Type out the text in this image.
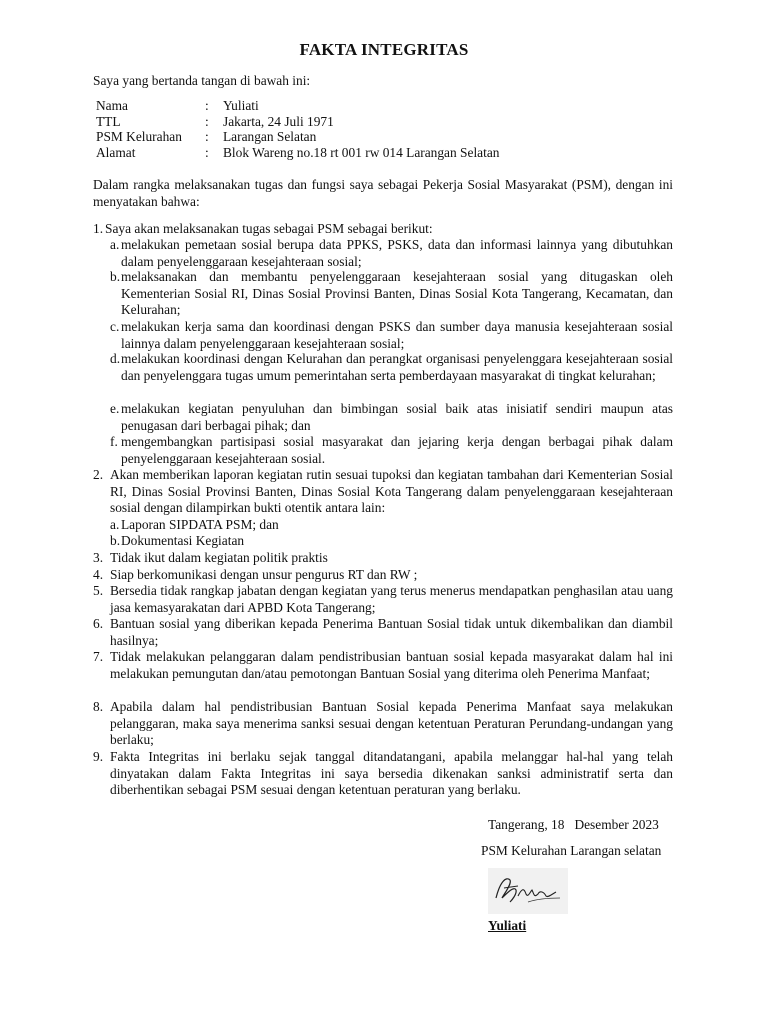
FAKTA INTEGRITAS
Saya yang bertanda tangan di bawah ini:
Nama	:	Yuliati
TTL	:	Jakarta, 24 Juli 1971
PSM Kelurahan	:	Larangan Selatan
Alamat	:	Blok Wareng no.18 rt 001 rw 014 Larangan Selatan
Dalam rangka melaksanakan tugas dan fungsi saya sebagai Pekerja Sosial Masyarakat (PSM), dengan ini menyatakan bahwa:
1. Saya akan melaksanakan tugas sebagai PSM sebagai berikut:
a. melakukan pemetaan sosial berupa data PPKS, PSKS, data dan informasi lainnya yang dibutuhkan dalam penyelenggaraan kesejahteraan sosial;
b. melaksanakan dan membantu penyelenggaraan kesejahteraan sosial yang ditugaskan oleh Kementerian Sosial RI, Dinas Sosial Provinsi Banten, Dinas Sosial Kota Tangerang, Kecamatan, dan Kelurahan;
c. melakukan kerja sama dan koordinasi dengan PSKS dan sumber daya manusia kesejahteraan sosial lainnya dalam penyelenggaraan kesejahteraan sosial;
d. melakukan koordinasi dengan Kelurahan dan perangkat organisasi penyelenggara kesejahteraan sosial dan penyelenggara tugas umum pemerintahan serta pemberdayaan masyarakat di tingkat kelurahan;
e. melakukan kegiatan penyuluhan dan bimbingan sosial baik atas inisiatif sendiri maupun atas penugasan dari berbagai pihak; dan
f. mengembangkan partisipasi sosial masyarakat dan jejaring kerja dengan berbagai pihak dalam penyelenggaraan kesejahteraan sosial.
2. Akan memberikan laporan kegiatan rutin sesuai tupoksi dan kegiatan tambahan dari Kementerian Sosial RI, Dinas Sosial Provinsi Banten, Dinas Sosial Kota Tangerang dalam penyelenggaraan kesejahteraan sosial dengan dilampirkan bukti otentik antara lain:
a. Laporan SIPDATA PSM; dan
b. Dokumentasi Kegiatan
3. Tidak ikut dalam kegiatan politik praktis
4. Siap berkomunikasi dengan unsur pengurus RT dan RW ;
5. Bersedia tidak rangkap jabatan dengan kegiatan yang terus menerus mendapatkan penghasilan atau uang jasa kemasyarakatan dari APBD Kota Tangerang;
6. Bantuan sosial yang diberikan kepada Penerima Bantuan Sosial tidak untuk dikembalikan dan diambil hasilnya;
7. Tidak melakukan pelanggaran dalam pendistribusian bantuan sosial kepada masyarakat dalam hal ini melakukan pemungutan dan/atau pemotongan Bantuan Sosial yang diterima oleh Penerima Manfaat;
8. Apabila dalam hal pendistribusian Bantuan Sosial kepada Penerima Manfaat saya melakukan pelanggaran, maka saya menerima sanksi sesuai dengan ketentuan Peraturan Perundang-undangan yang berlaku;
9. Fakta Integritas ini berlaku sejak tanggal ditandatangani, apabila melanggar hal-hal yang telah dinyatakan dalam Fakta Integritas ini saya bersedia dikenakan sanksi administratif serta dan diberhentikan sebagai PSM sesuai dengan ketentuan peraturan yang berlaku.
Tangerang, 18   Desember 2023
PSM Kelurahan Larangan selatan
Yuliati
